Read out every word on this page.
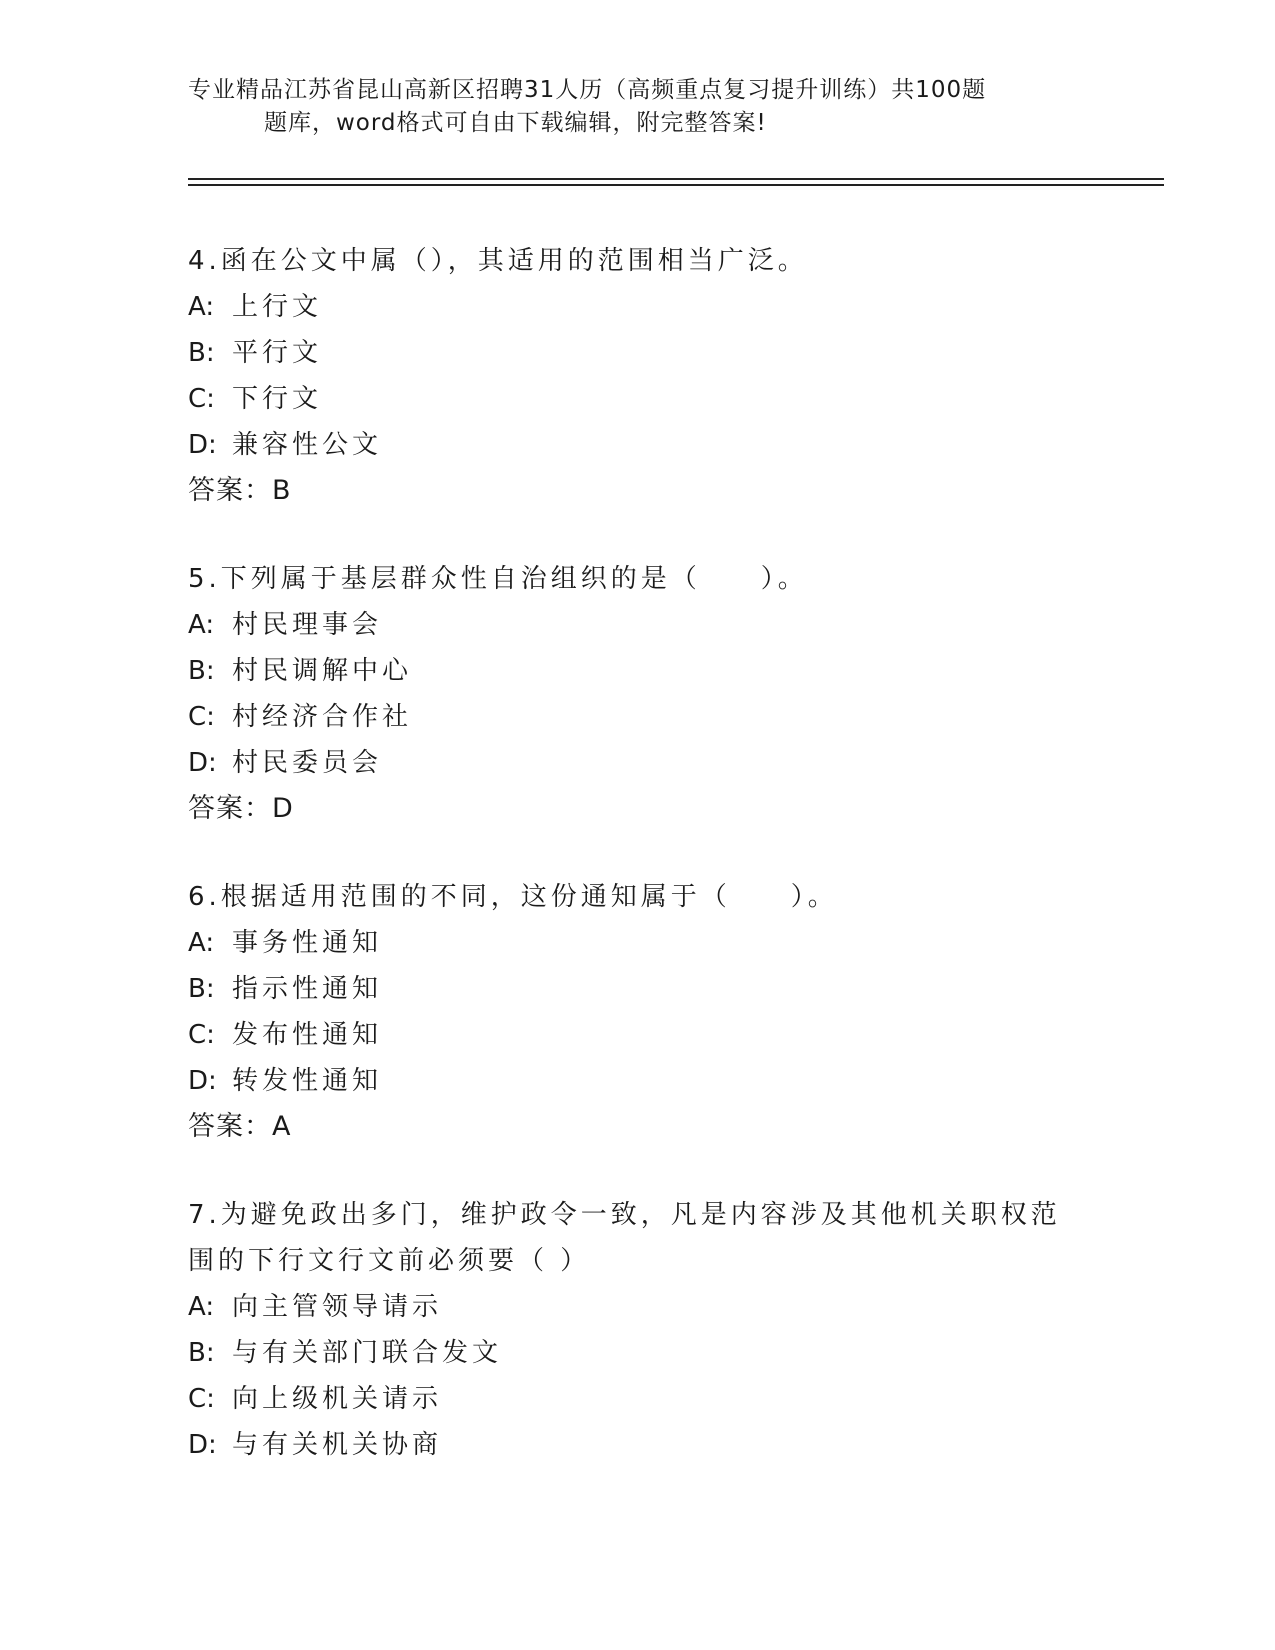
专业精品江苏省昆山高新区招聘31人历（高频重点复习提升训练）共100题
题库，word格式可自由下载编辑，附完整答案!
4.函在公文中属（），其适用的范围相当广泛。
A: 上行文
B: 平行文
C: 下行文
D: 兼容性公文
答案：B
5.下列属于基层群众性自治组织的是（　　）。
A: 村民理事会
B: 村民调解中心
C: 村经济合作社
D: 村民委员会
答案：D
6.根据适用范围的不同，这份通知属于（　　）。
A: 事务性通知
B: 指示性通知
C: 发布性通知
D: 转发性通知
答案：A
7.为避免政出多门，维护政令一致，凡是内容涉及其他机关职权范围的下行文行文前必须要（ ）
A: 向主管领导请示
B: 与有关部门联合发文
C: 向上级机关请示
D: 与有关机关协商
